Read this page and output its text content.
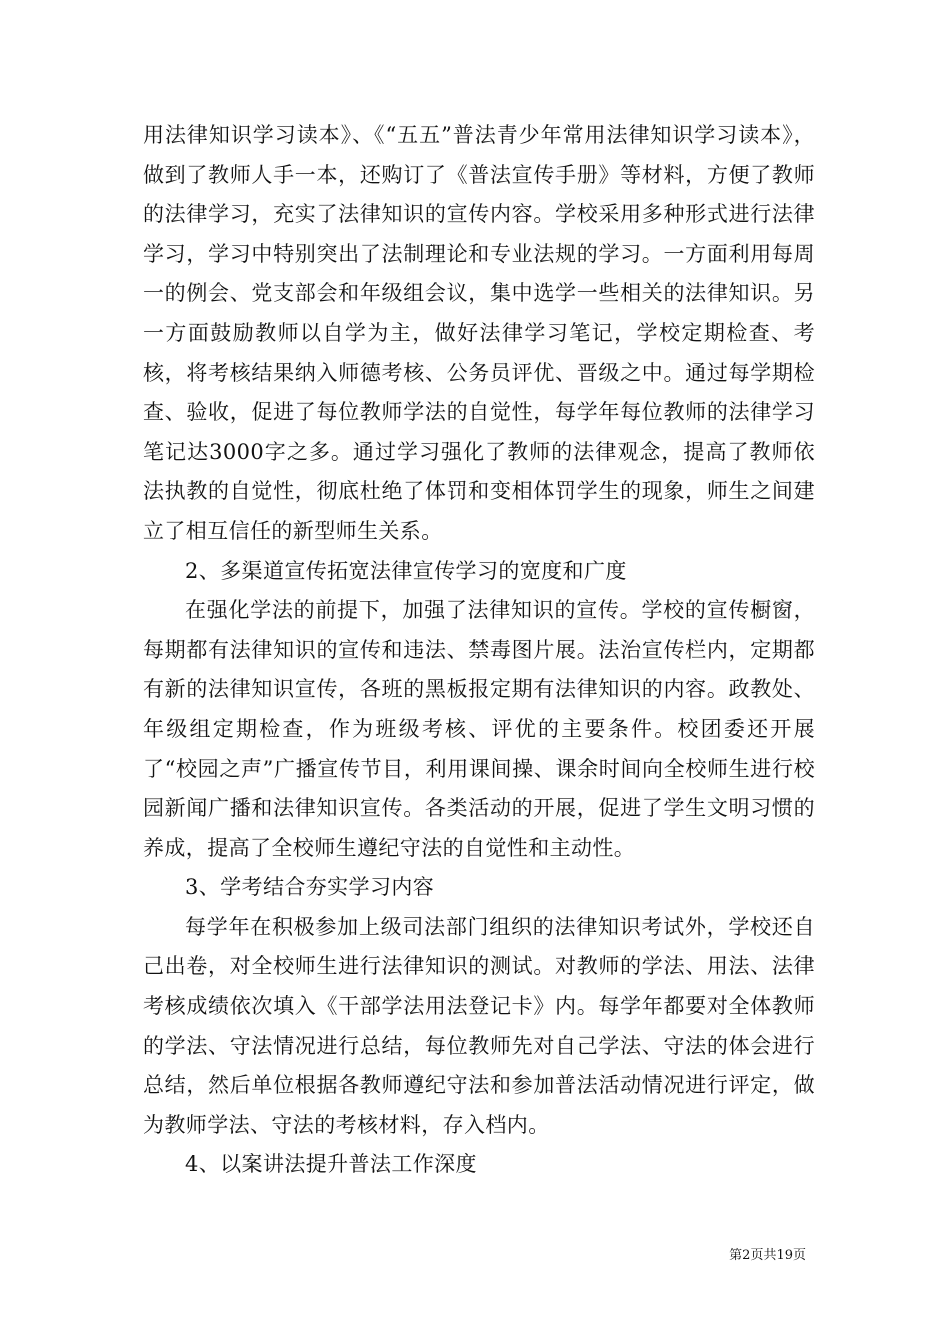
用法律知识学习读本》、《“五五”普法青少年常用法律知识学习读本》，做到了教师人手一本，还购订了《普法宣传手册》等材料，方便了教师的法律学习，充实了法律知识的宣传内容。学校采用多种形式进行法律学习，学习中特别突出了法制理论和专业法规的学习。一方面利用每周一的例会、党支部会和年级组会议，集中选学一些相关的法律知识。另一方面鼓励教师以自学为主，做好法律学习笔记，学校定期检查、考核，将考核结果纳入师德考核、公务员评优、晋级之中。通过每学期检查、验收，促进了每位教师学法的自觉性，每学年每位教师的法律学习笔记达3000字之多。通过学习强化了教师的法律观念，提高了教师依法执教的自觉性，彻底杜绝了体罚和变相体罚学生的现象，师生之间建立了相互信任的新型师生关系。

2、多渠道宣传拓宽法律宣传学习的宽度和广度

在强化学法的前提下，加强了法律知识的宣传。学校的宣传橱窗，每期都有法律知识的宣传和违法、禁毒图片展。法治宣传栏内，定期都有新的法律知识宣传，各班的黑板报定期有法律知识的内容。政教处、年级组定期检查，作为班级考核、评优的主要条件。校团委还开展了“校园之声”广播宣传节目，利用课间操、课余时间向全校师生进行校园新闻广播和法律知识宣传。各类活动的开展，促进了学生文明习惯的养成，提高了全校师生遵纪守法的自觉性和主动性。

3、学考结合夯实学习内容

每学年在积极参加上级司法部门组织的法律知识考试外，学校还自己出卷，对全校师生进行法律知识的测试。对教师的学法、用法、法律考核成绩依次填入《干部学法用法登记卡》内。每学年都要对全体教师的学法、守法情况进行总结，每位教师先对自己学法、守法的体会进行总结，然后单位根据各教师遵纪守法和参加普法活动情况进行评定，做为教师学法、守法的考核材料，存入档内。

4、以案讲法提升普法工作深度

第2页共19页
